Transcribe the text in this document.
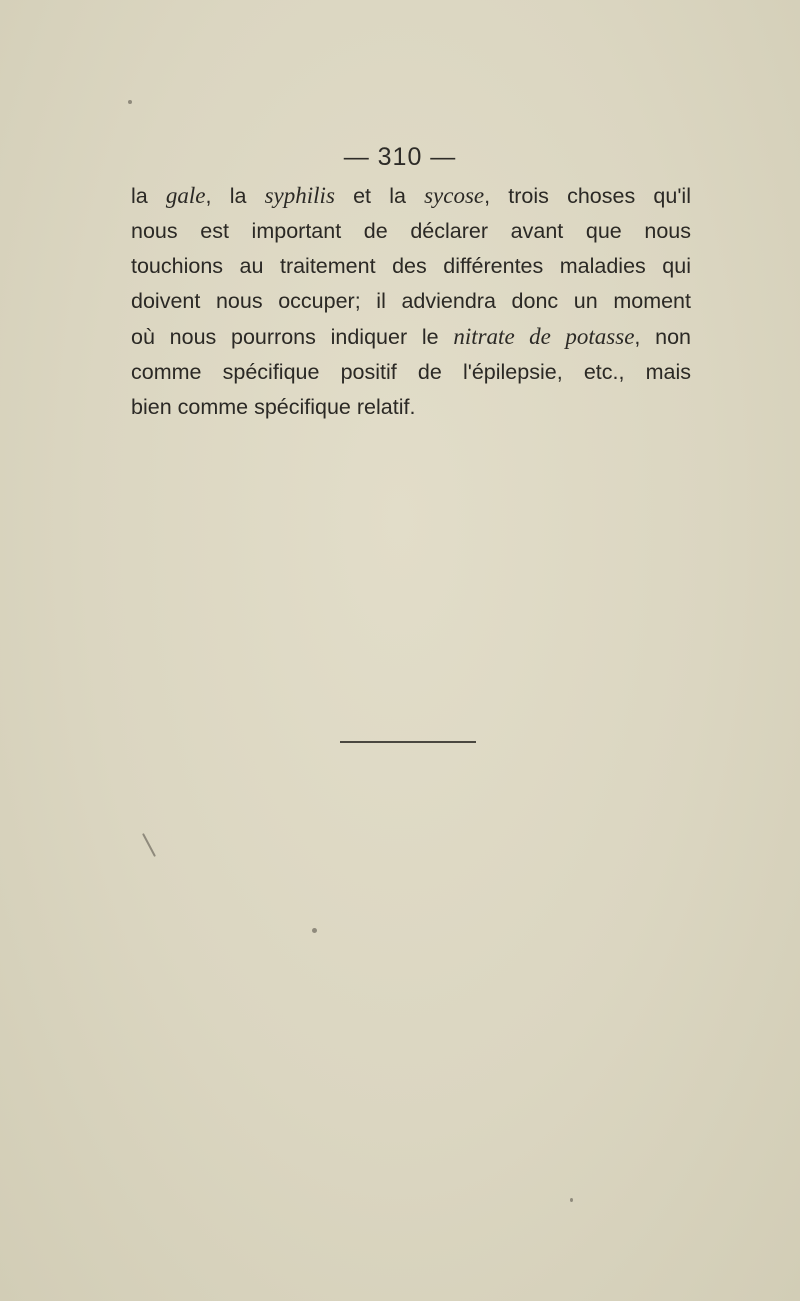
— 310 —
la gale, la syphilis et la sycose, trois choses qu'il
nous est important de déclarer avant que nous
touchions au traitement des différentes maladies qui
doivent nous occuper; il adviendra donc un moment
où nous pourrons indiquer le nitrate de potasse, non
comme spécifique positif de l'épilepsie, etc., mais
bien comme spécifique relatif.
